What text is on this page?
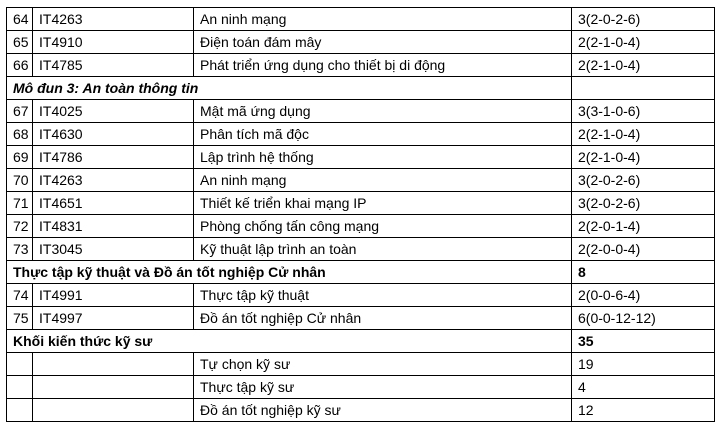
64	IT4263	An ninh mạng	3(2-0-2-6)
65	IT4910	Điện toán đám mây	2(2-1-0-4)
66	IT4785	Phát triển ứng dụng cho thiết bị di động	2(2-1-0-4)
Mô đun 3: An toàn thông tin			
67	IT4025	Mật mã ứng dụng	3(3-1-0-6)
68	IT4630	Phân tích mã độc	2(2-1-0-4)
69	IT4786	Lập trình hệ thống	2(2-1-0-4)
70	IT4263	An ninh mạng	3(2-0-2-6)
71	IT4651	Thiết kế triển khai mạng IP	3(2-0-2-6)
72	IT4831	Phòng chống tấn công mạng	2(2-0-1-4)
73	IT3045	Kỹ thuật lập trình an toàn	2(2-0-0-4)
Thực tập kỹ thuật và Đồ án tốt nghiệp Cử nhân			8
74	IT4991	Thực tập kỹ thuật	2(0-0-6-4)
75	IT4997	Đồ án tốt nghiệp Cử nhân	6(0-0-12-12)
Khối kiến thức kỹ sư			35
		Tự chọn kỹ sư	19
		Thực tập kỹ sư	4
		Đồ án tốt nghiệp kỹ sư	12
